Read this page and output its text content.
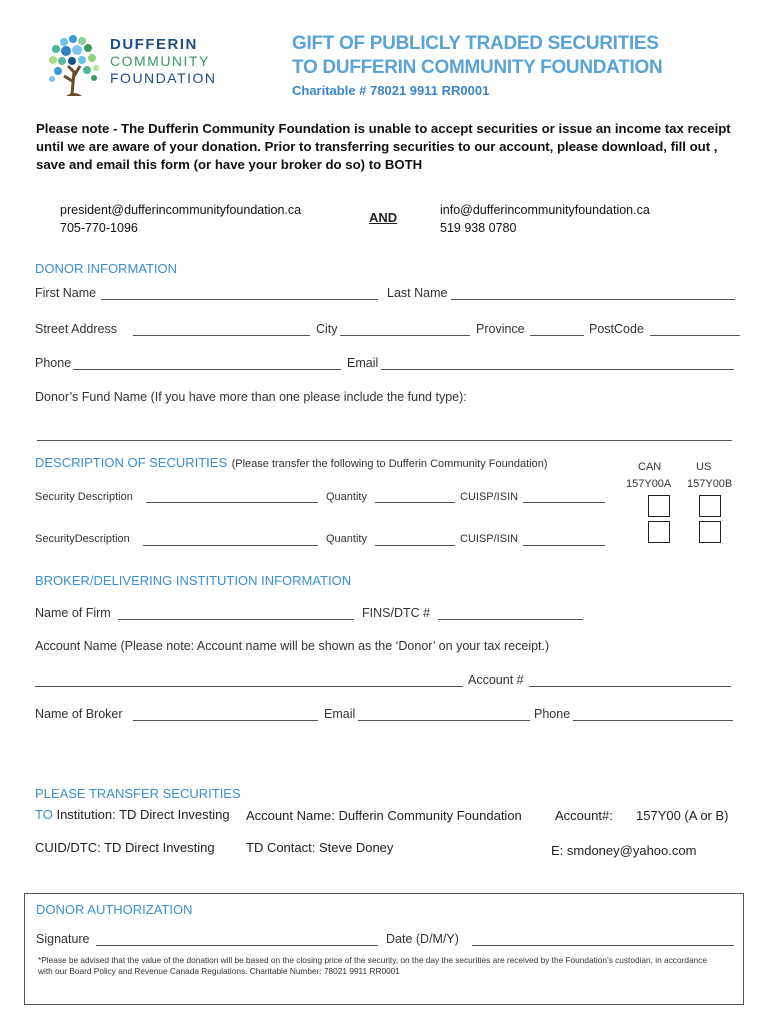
DUFFERIN
COMMUNITY
FOUNDATION
GIFT OF PUBLICLY TRADED SECURITIES
TO DUFFERIN COMMUNITY FOUNDATION
Charitable # 78021 9911 RR0001
Please note - The Dufferin Community Foundation is unable to accept securities or issue an income tax receipt until we are aware of your donation. Prior to transferring securities to our account, please download, fill out , save and email this form (or have your broker do so) to BOTH
president@dufferincommunityfoundation.ca
705-770-1096
AND	info@dufferincommunityfoundation.ca
519 938 0780
DONOR INFORMATION
First Name	Last Name
Street Address	City	Province	PostCode
Phone	Email
Donor’s Fund Name (If you have more than one please include the fund type):
DESCRIPTION OF SECURITIES (Please transfer the following to Dufferin Community Foundation)
Security Description	Quantity	CUISP/ISIN
SecurityDescription	Quantity	CUISP/ISIN
CAN
157Y00A
US
157Y00B
BROKER/DELIVERING INSTITUTION INFORMATION
Name of Firm	FINS/DTC #
Account Name (Please note: Account name will be shown as the ‘Donor’ on your tax receipt.)
Account #
Name of Broker	Email	Phone
PLEASE TRANSFER SECURITIES
TO Institution: TD Direct Investing Account Name: Dufferin Community Foundation	Account#: 157Y00 (A or B)
CUID/DTC: TD Direct Investing TD Contact: Steve Doney	E: smdoney@yahoo.com
DONOR AUTHORIZATION
Signature	Date (D/M/Y)
*Please be advised that the value of the donation will be based on the closing price of the security, on the day the securities are received by the Foundation’s custodian, in accordance with our Board Policy and Revenue Canada Regulations. Charitable Number: 78021 9911 RR0001
